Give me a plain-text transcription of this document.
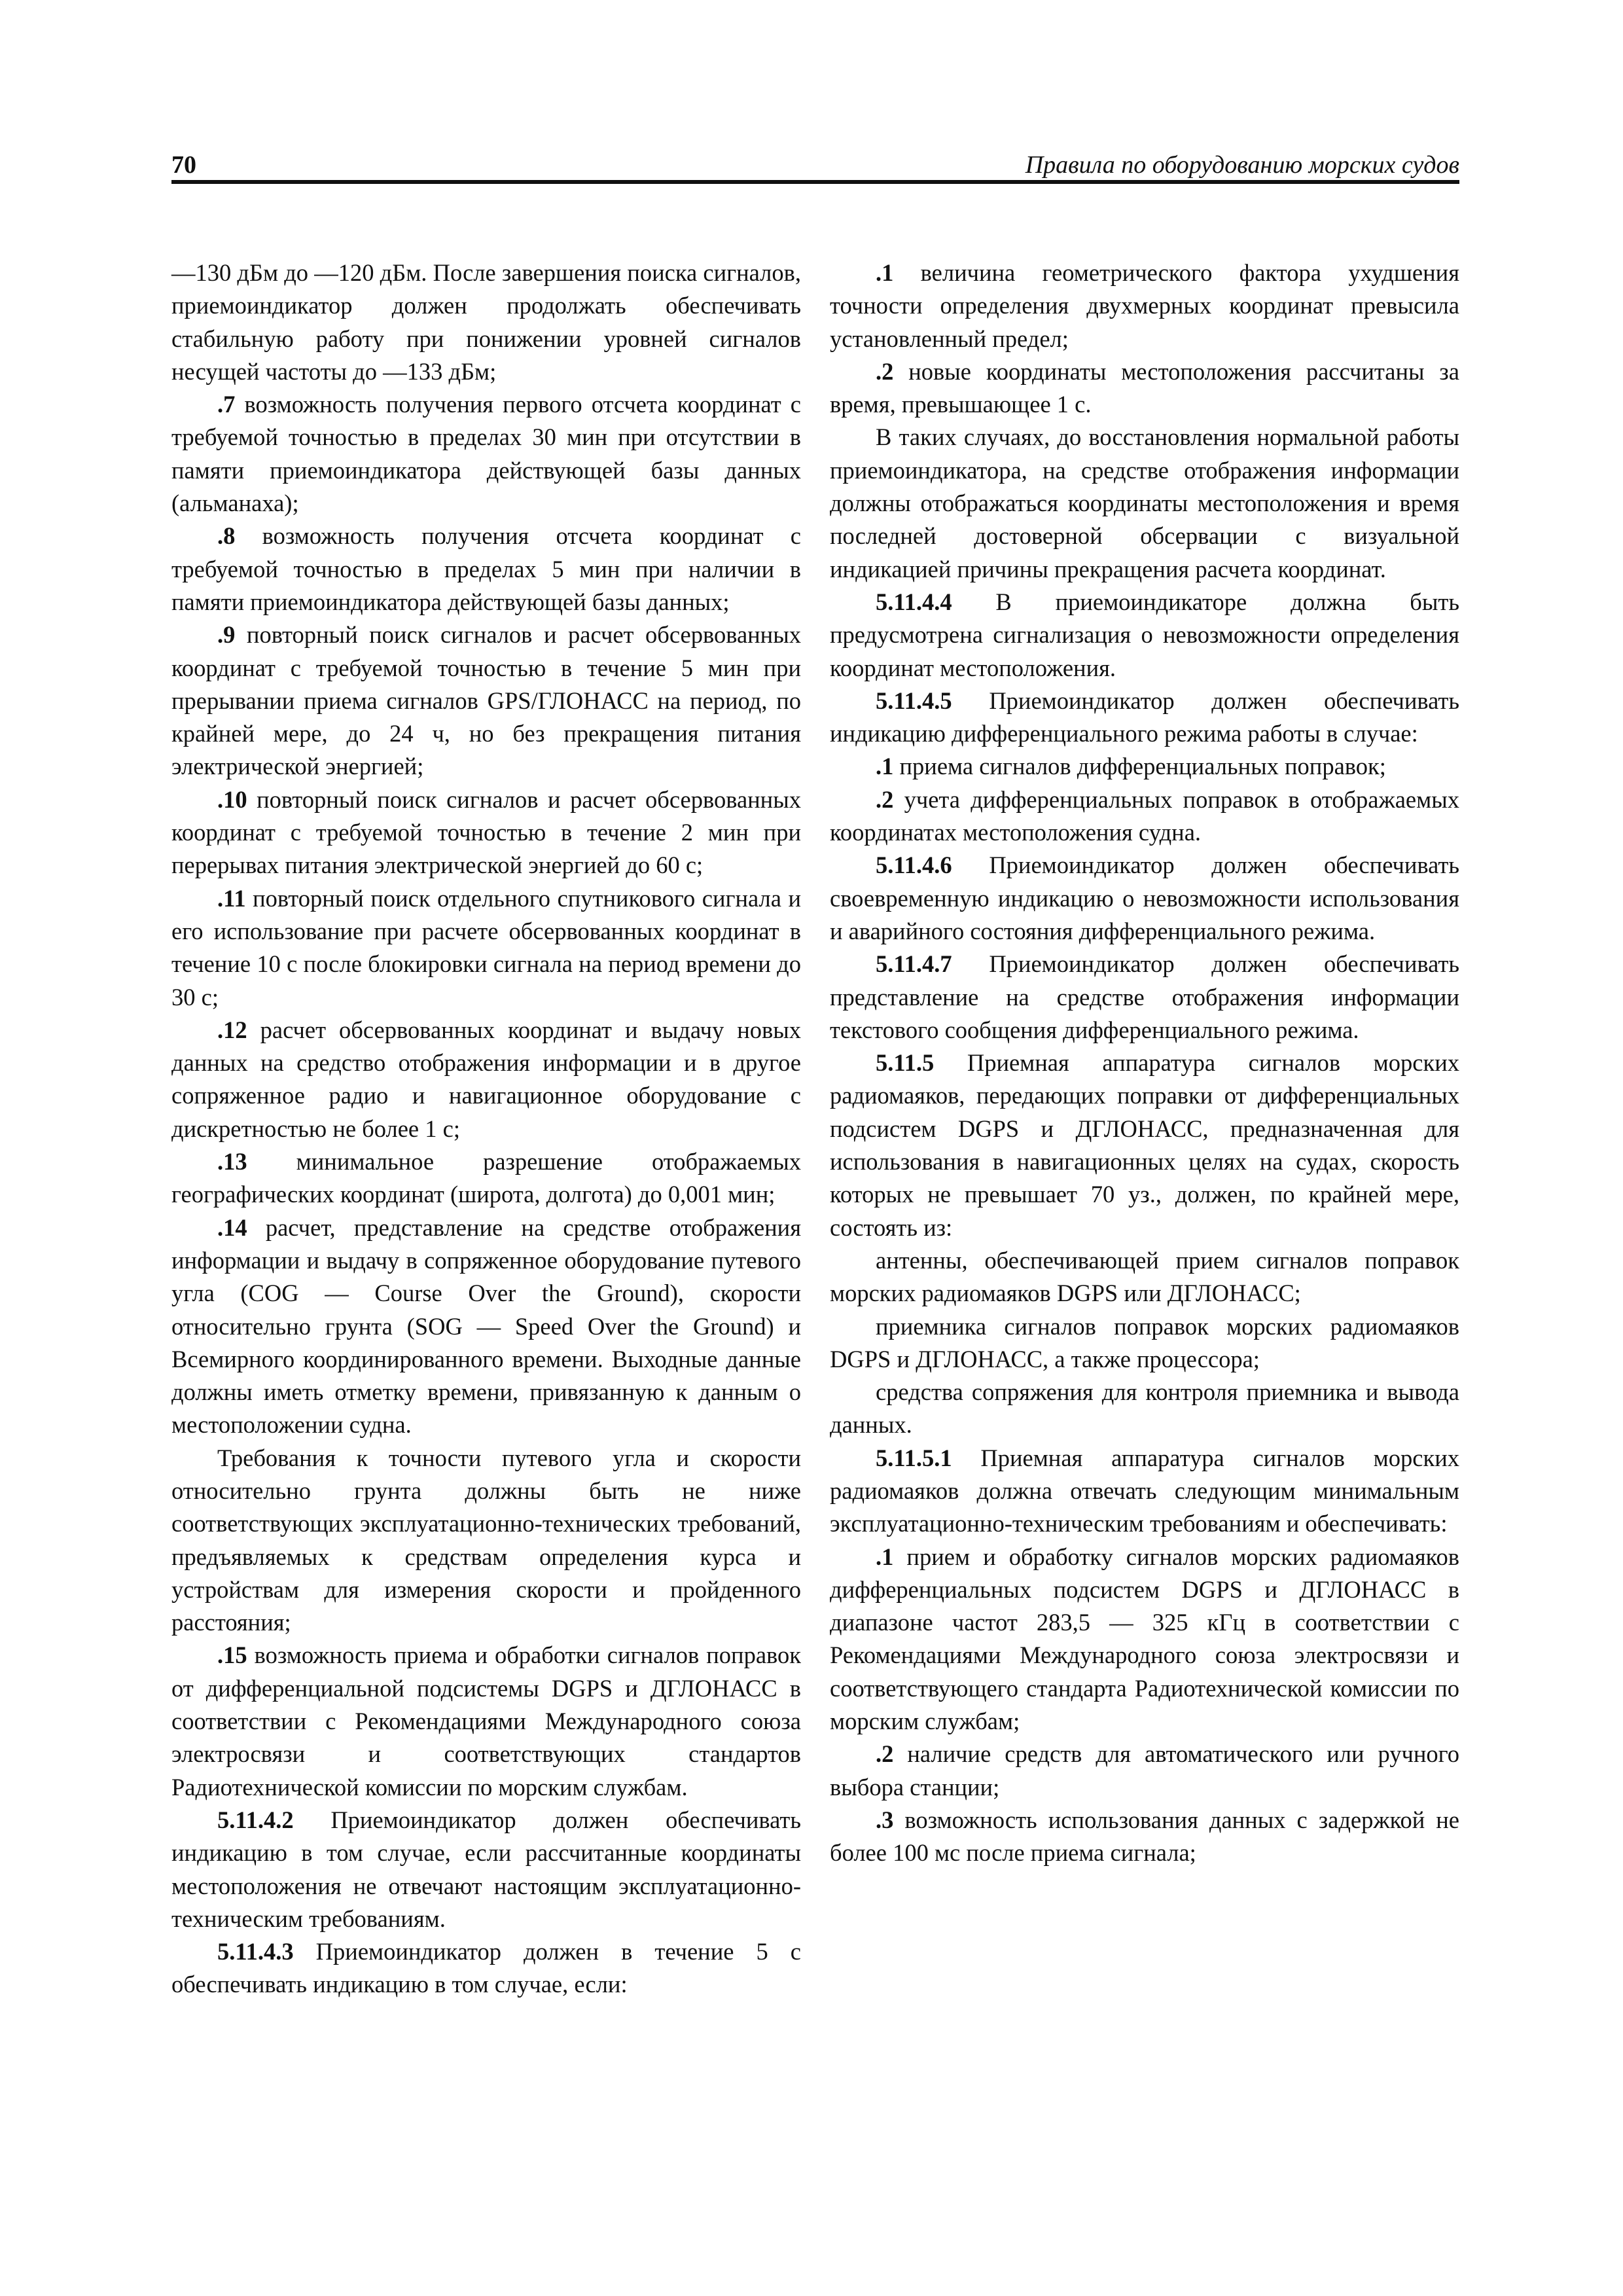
70	Правила по оборудованию морских судов

—130 дБм до —120 дБм. После завершения поиска сигналов, приемоиндикатор должен продолжать обеспечивать стабильную работу при понижении уровней сигналов несущей частоты до —133 дБм;

.7 возможность получения первого отсчета координат с требуемой точностью в пределах 30 мин при отсутствии в памяти приемоиндикатора действующей базы данных (альманаха);

.8 возможность получения отсчета координат с требуемой точностью в пределах 5 мин при наличии в памяти приемоиндикатора действующей базы данных;

.9 повторный поиск сигналов и расчет обсервованных координат с требуемой точностью в течение 5 мин при прерывании приема сигналов GPS/ГЛОНАСС на период, по крайней мере, до 24 ч, но без прекращения питания электрической энергией;

.10 повторный поиск сигналов и расчет обсервованных координат с требуемой точностью в течение 2 мин при перерывах питания электрической энергией до 60 с;

.11 повторный поиск отдельного спутникового сигнала и его использование при расчете обсервованных координат в течение 10 с после блокировки сигнала на период времени до 30 с;

.12 расчет обсервованных координат и выдачу новых данных на средство отображения информации и в другое сопряженное радио и навигационное оборудование с дискретностью не более 1 с;

.13 минимальное разрешение отображаемых географических координат (широта, долгота) до 0,001 мин;

.14 расчет, представление на средстве отображения информации и выдачу в сопряженное оборудование путевого угла (COG — Course Over the Ground), скорости относительно грунта (SOG — Speed Over the Ground) и Всемирного координированного времени. Выходные данные должны иметь отметку времени, привязанную к данным о местоположении судна.

Требования к точности путевого угла и скорости относительно грунта должны быть не ниже соответствующих эксплуатационно-технических требований, предъявляемых к средствам определения курса и устройствам для измерения скорости и пройденного расстояния;

.15 возможность приема и обработки сигналов поправок от дифференциальной подсистемы DGPS и ДГЛОНАСС в соответствии с Рекомендациями Международного союза электросвязи и соответствующих стандартов Радиотехнической комиссии по морским службам.

5.11.4.2 Приемоиндикатор должен обеспечивать индикацию в том случае, если рассчитанные координаты местоположения не отвечают настоящим эксплуатационно-техническим требованиям.

5.11.4.3 Приемоиндикатор должен в течение 5 с обеспечивать индикацию в том случае, если:

.1 величина геометрического фактора ухудшения точности определения двухмерных координат превысила установленный предел;

.2 новые координаты местоположения рассчитаны за время, превышающее 1 с.

В таких случаях, до восстановления нормальной работы приемоиндикатора, на средстве отображения информации должны отображаться координаты местоположения и время последней достоверной обсервации с визуальной индикацией причины прекращения расчета координат.

5.11.4.4 В приемоиндикаторе должна быть предусмотрена сигнализация о невозможности определения координат местоположения.

5.11.4.5 Приемоиндикатор должен обеспечивать индикацию дифференциального режима работы в случае:

.1 приема сигналов дифференциальных поправок;

.2 учета дифференциальных поправок в отображаемых координатах местоположения судна.

5.11.4.6 Приемоиндикатор должен обеспечивать своевременную индикацию о невозможности использования и аварийного состояния дифференциального режима.

5.11.4.7 Приемоиндикатор должен обеспечивать представление на средстве отображения информации текстового сообщения дифференциального режима.

5.11.5 Приемная аппаратура сигналов морских радиомаяков, передающих поправки от дифференциальных подсистем DGPS и ДГЛОНАСС, предназначенная для использования в навигационных целях на судах, скорость которых не превышает 70 уз., должен, по крайней мере, состоять из:

антенны, обеспечивающей прием сигналов поправок морских радиомаяков DGPS или ДГЛОНАСС;

приемника сигналов поправок морских радиомаяков DGPS и ДГЛОНАСС, а также процессора;

средства сопряжения для контроля приемника и вывода данных.

5.11.5.1 Приемная аппаратура сигналов морских радиомаяков должна отвечать следующим минимальным эксплуатационно-техническим требованиям и обеспечивать:

.1 прием и обработку сигналов морских радиомаяков дифференциальных подсистем DGPS и ДГЛОНАСС в диапазоне частот 283,5 — 325 кГц в соответствии с Рекомендациями Международного союза электросвязи и соответствующего стандарта Радиотехнической комиссии по морским службам;

.2 наличие средств для автоматического или ручного выбора станции;

.3 возможность использования данных с задержкой не более 100 мс после приема сигнала;
